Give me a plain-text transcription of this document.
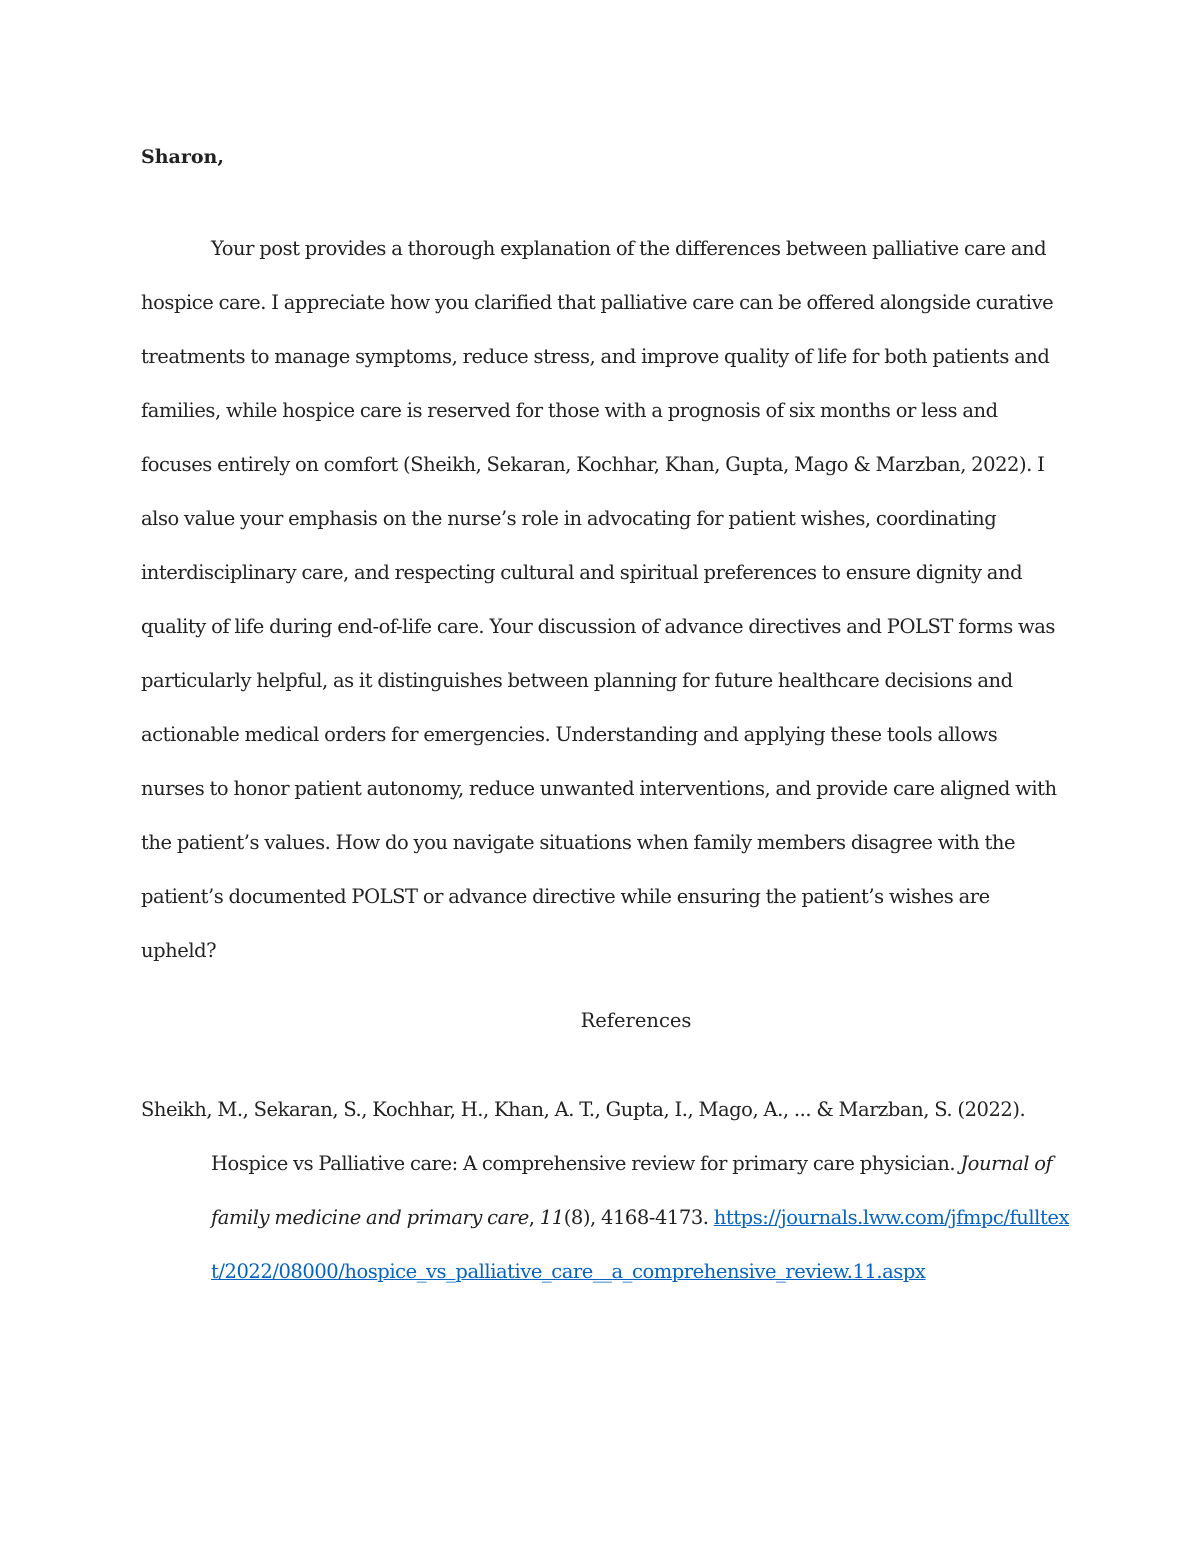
Sharon,

Your post provides a thorough explanation of the differences between palliative care and hospice care. I appreciate how you clarified that palliative care can be offered alongside curative treatments to manage symptoms, reduce stress, and improve quality of life for both patients and families, while hospice care is reserved for those with a prognosis of six months or less and focuses entirely on comfort (Sheikh, Sekaran, Kochhar, Khan, Gupta, Mago & Marzban, 2022). I also value your emphasis on the nurse’s role in advocating for patient wishes, coordinating interdisciplinary care, and respecting cultural and spiritual preferences to ensure dignity and quality of life during end-of-life care. Your discussion of advance directives and POLST forms was particularly helpful, as it distinguishes between planning for future healthcare decisions and actionable medical orders for emergencies. Understanding and applying these tools allows nurses to honor patient autonomy, reduce unwanted interventions, and provide care aligned with the patient’s values. How do you navigate situations when family members disagree with the patient’s documented POLST or advance directive while ensuring the patient’s wishes are upheld?

References

Sheikh, M., Sekaran, S., Kochhar, H., Khan, A. T., Gupta, I., Mago, A., ... & Marzban, S. (2022). Hospice vs Palliative care: A comprehensive review for primary care physician. Journal of family medicine and primary care, 11(8), 4168-4173. https://journals.lww.com/jfmpc/fulltext/2022/08000/hospice_vs_palliative_care__a_comprehensive_review.11.aspx
